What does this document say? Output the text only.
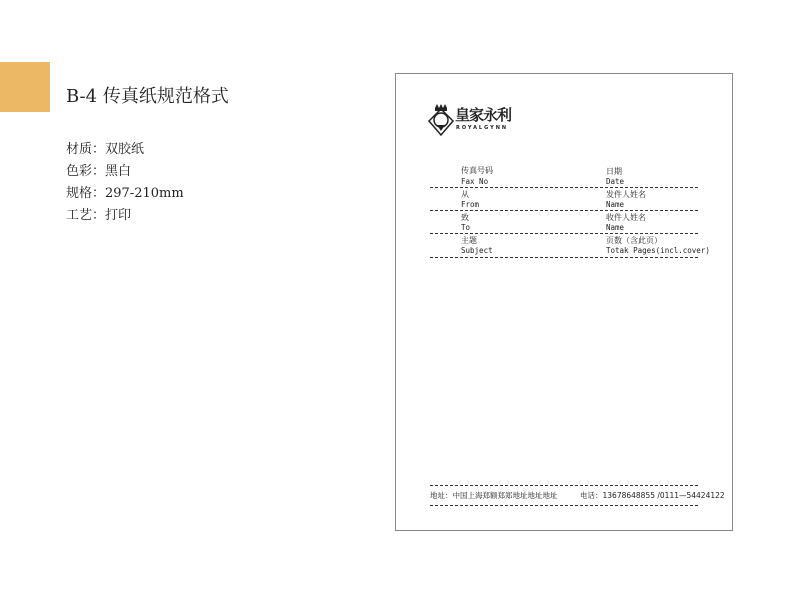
B-4 传真纸规范格式
材质：双胶纸
色彩：黑白
规格：297-210mm
工艺：打印
皇家永利
ROYALGYNN
传真号码
Fax No
日期
Date
从
From
发件人姓名
Name
致
To
收件人姓名
Name
主题
Subject
页数（含此页）
Totak Pages(incl.cover)
地址：中国上海郑额郑郑地址地址地址	电话：13678648855 /0111—54424122
